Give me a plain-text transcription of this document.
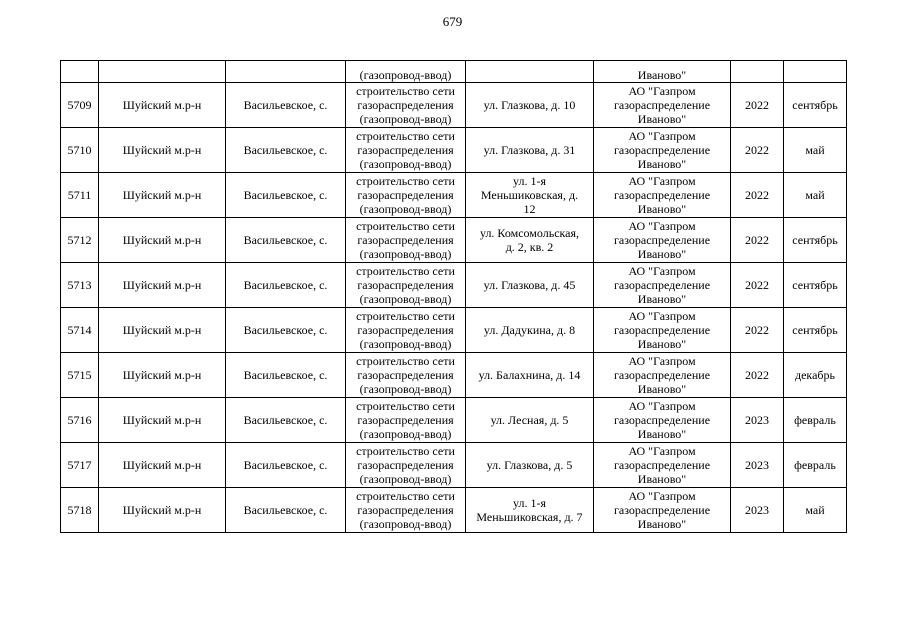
679
			(газопровод-ввод)		Иваново"		
5709	Шуйский м.р-н	Васильевское, с.	строительство сети
газораспределения
(газопровод-ввод)	ул. Глазкова, д. 10	АО "Газпром
газораспределение
Иваново"	2022	сентябрь
5710	Шуйский м.р-н	Васильевское, с.	строительство сети
газораспределения
(газопровод-ввод)	ул. Глазкова, д. 31	АО "Газпром
газораспределение
Иваново"	2022	май
5711	Шуйский м.р-н	Васильевское, с.	строительство сети
газораспределения
(газопровод-ввод)	ул. 1-я
Меньшиковская, д.
12	АО "Газпром
газораспределение
Иваново"	2022	май
5712	Шуйский м.р-н	Васильевское, с.	строительство сети
газораспределения
(газопровод-ввод)	ул. Комсомольская,
д. 2, кв. 2	АО "Газпром
газораспределение
Иваново"	2022	сентябрь
5713	Шуйский м.р-н	Васильевское, с.	строительство сети
газораспределения
(газопровод-ввод)	ул. Глазкова, д. 45	АО "Газпром
газораспределение
Иваново"	2022	сентябрь
5714	Шуйский м.р-н	Васильевское, с.	строительство сети
газораспределения
(газопровод-ввод)	ул. Дадукина, д. 8	АО "Газпром
газораспределение
Иваново"	2022	сентябрь
5715	Шуйский м.р-н	Васильевское, с.	строительство сети
газораспределения
(газопровод-ввод)	ул. Балахнина, д. 14	АО "Газпром
газораспределение
Иваново"	2022	декабрь
5716	Шуйский м.р-н	Васильевское, с.	строительство сети
газораспределения
(газопровод-ввод)	ул. Лесная, д. 5	АО "Газпром
газораспределение
Иваново"	2023	февраль
5717	Шуйский м.р-н	Васильевское, с.	строительство сети
газораспределения
(газопровод-ввод)	ул. Глазкова, д. 5	АО "Газпром
газораспределение
Иваново"	2023	февраль
5718	Шуйский м.р-н	Васильевское, с.	строительство сети
газораспределения
(газопровод-ввод)	ул. 1-я
Меньшиковская, д. 7	АО "Газпром
газораспределение
Иваново"	2023	май
